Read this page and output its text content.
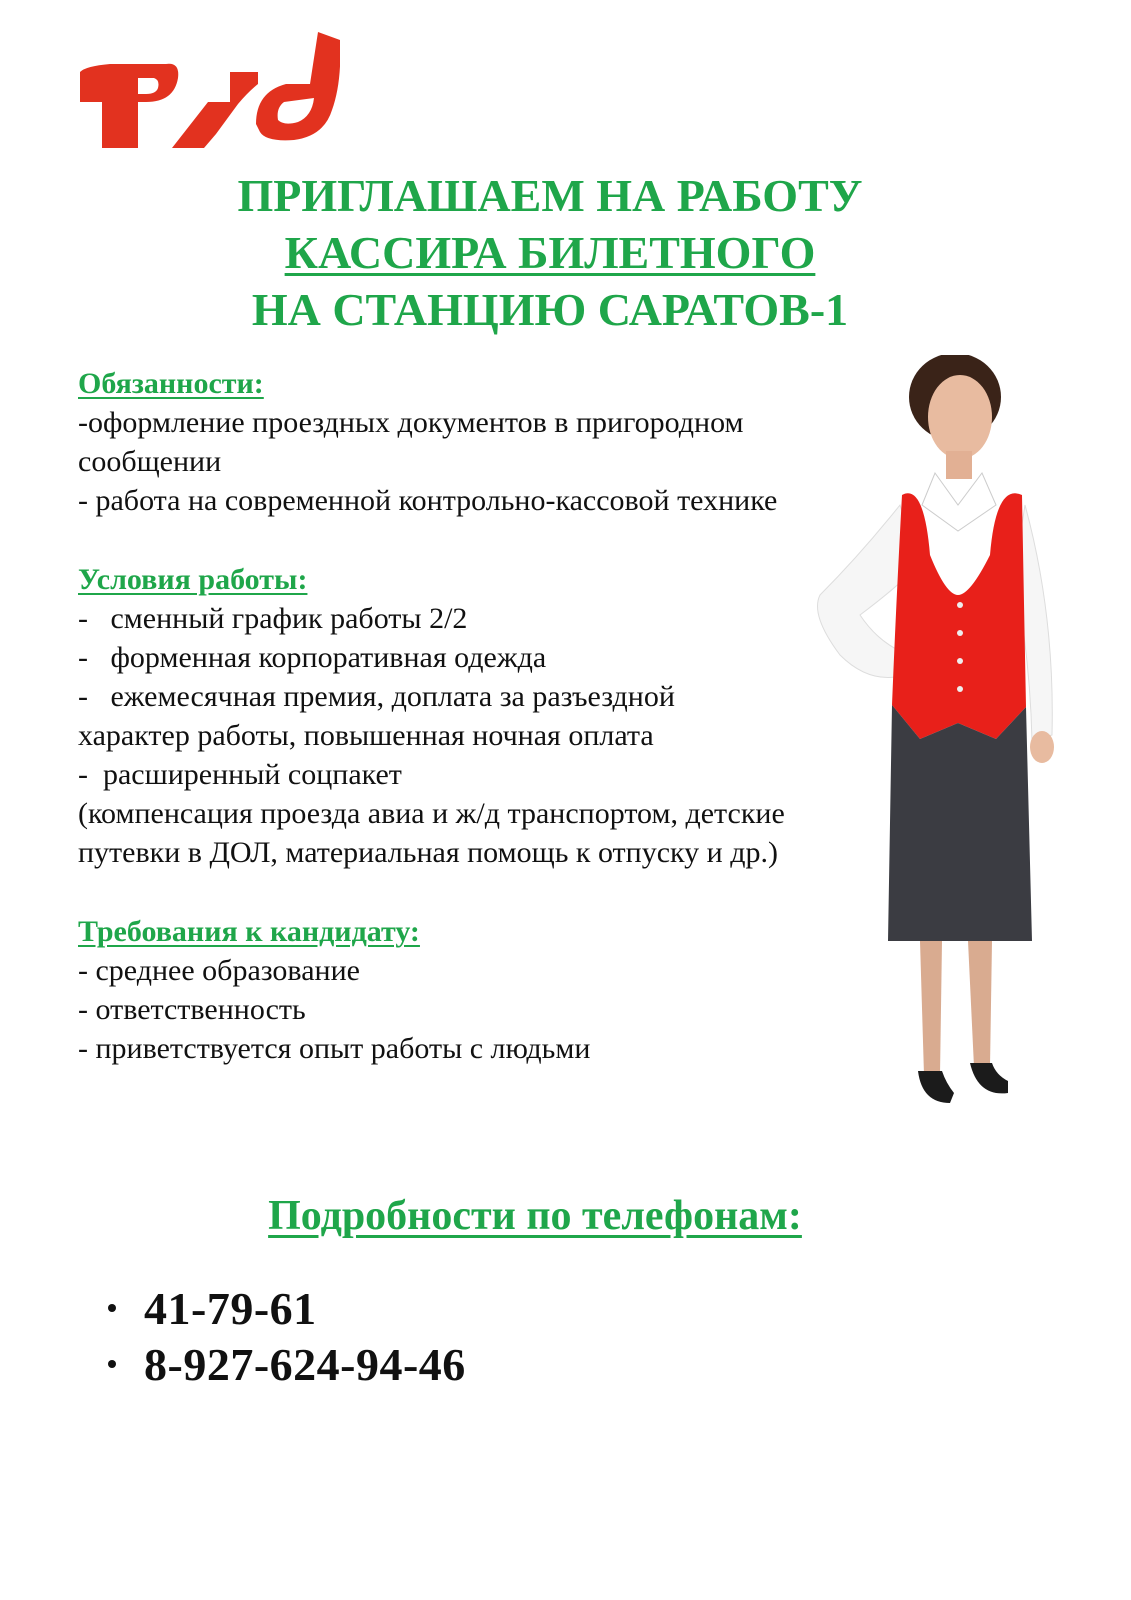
ПРИГЛАШАЕМ НА РАБОТУ
КАССИРА БИЛЕТНОГО
НА СТАНЦИЮ САРАТОВ-1
Обязанности:
-оформление проездных документов в пригородном
сообщении
- работа на современной контрольно-кассовой технике
Условия работы:
-   сменный график работы 2/2
-   форменная корпоративная одежда
-   ежемесячная премия, доплата за разъездной
характер работы, повышенная ночная оплата
-  расширенный соцпакет
(компенсация проезда авиа и ж/д транспортом, детские
путевки в ДОЛ, материальная помощь к отпуску и др.)
Требования к кандидату:
- среднее образование
- ответственность
- приветствуется опыт работы с людьми
Подробности по телефонам:
41-79-61
8-927-624-94-46
